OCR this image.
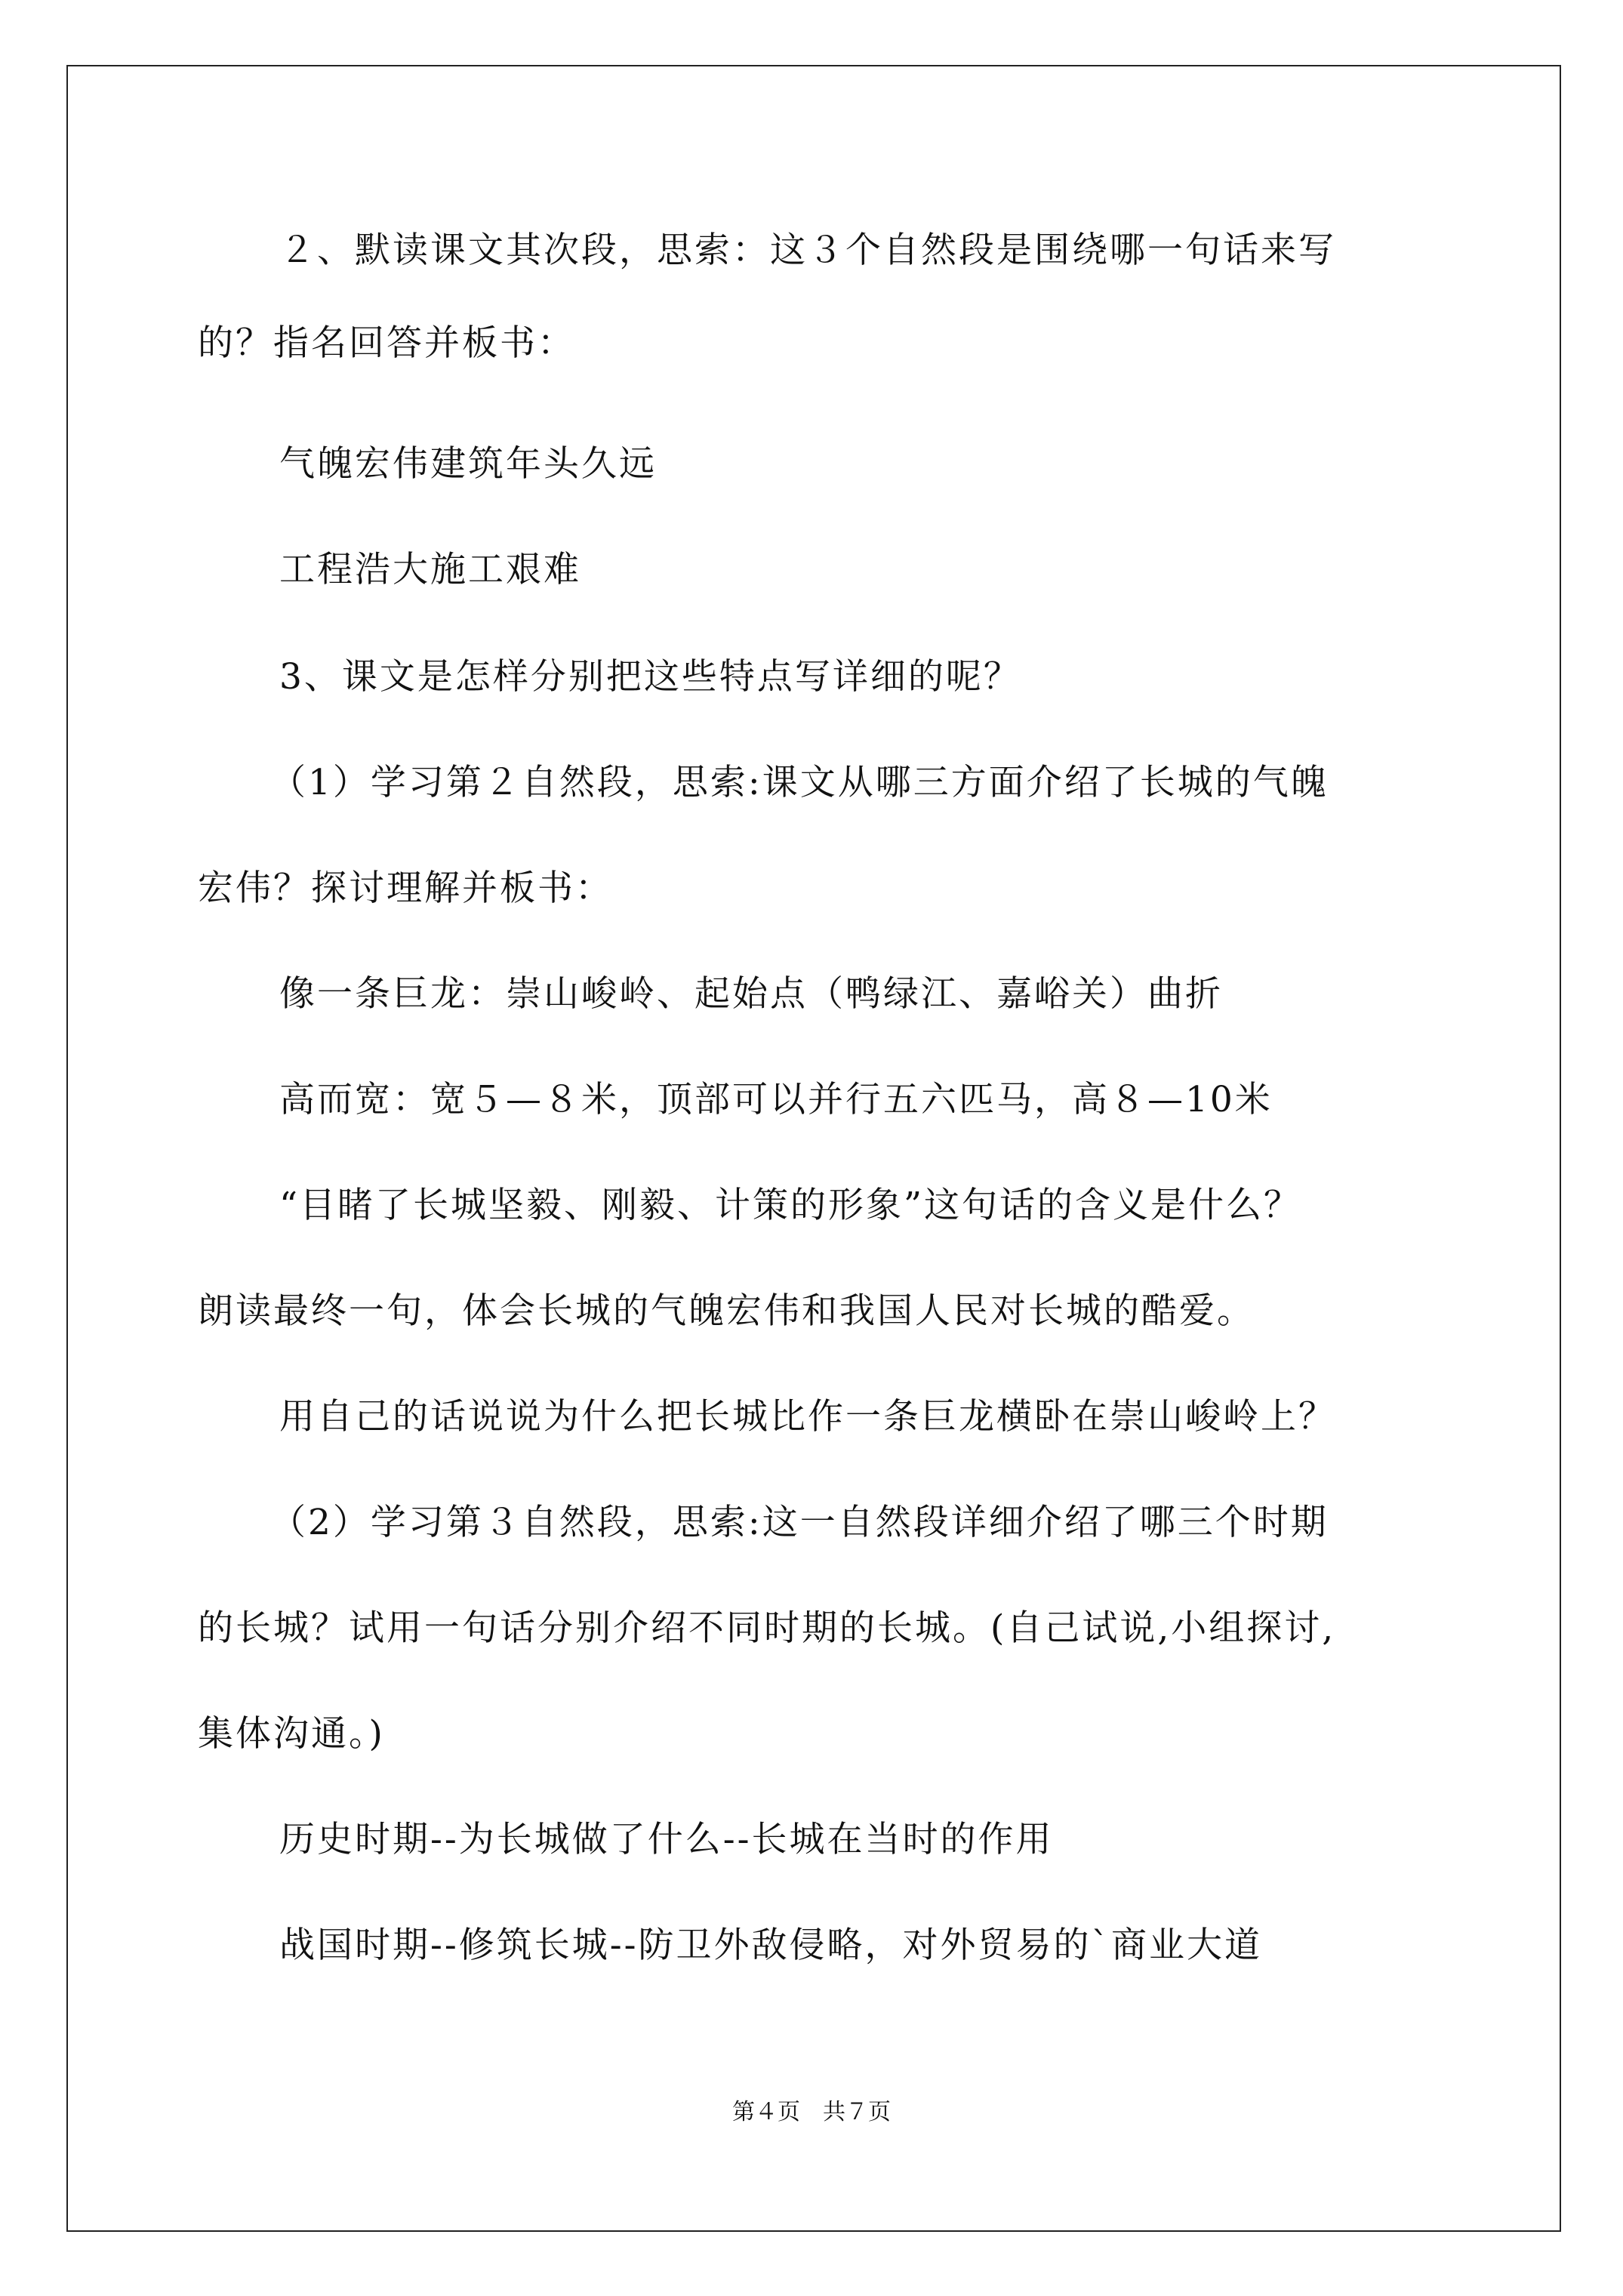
２、默读课文其次段，思索：这３个自然段是围绕哪一句话来写
的？指名回答并板书：
气魄宏伟建筑年头久远
工程浩大施工艰难
3、课文是怎样分别把这些特点写详细的呢？
（1）学习第２自然段，思索:课文从哪三方面介绍了长城的气魄
宏伟？探讨理解并板书：
像一条巨龙：崇山峻岭、起始点（鸭绿江、嘉峪关）曲折
高而宽：宽５—８米，顶部可以并行五六匹马，高８—10米
“目睹了长城坚毅、刚毅、计策的形象”这句话的含义是什么？
朗读最终一句，体会长城的气魄宏伟和我国人民对长城的酷爱。
用自己的话说说为什么把长城比作一条巨龙横卧在崇山峻岭上？
（2）学习第３自然段，思索:这一自然段详细介绍了哪三个时期
的长城？试用一句话分别介绍不同时期的长城。(自己试说,小组探讨,
集体沟通。)
历史时期--为长城做了什么--长城在当时的作用
战国时期--修筑长城--防卫外敌侵略，对外贸易的`商业大道
第４页　共７页
